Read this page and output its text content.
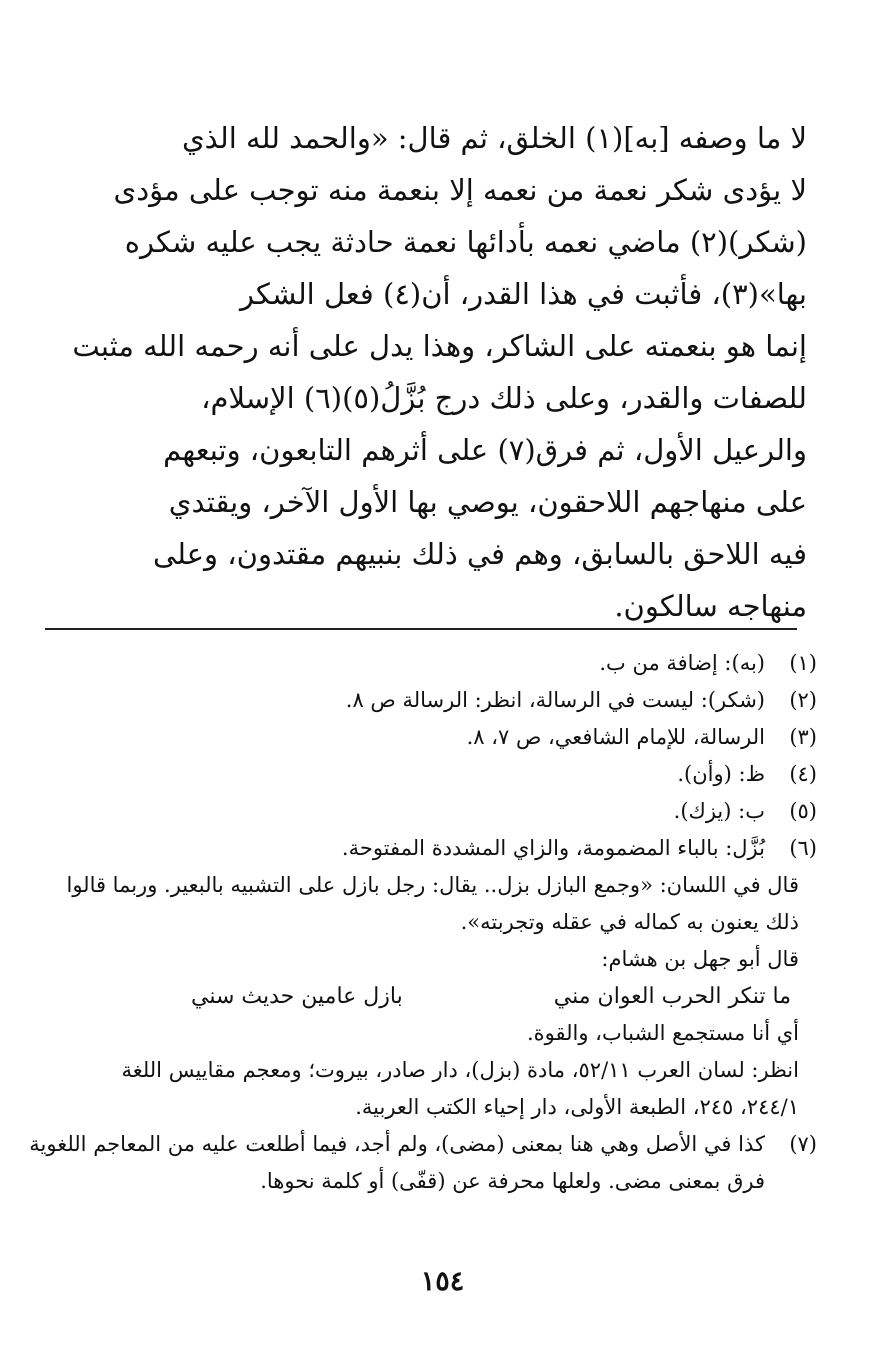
لا ما وصفه [به](١) الخلق، ثم قال: «والحمد لله الذي
لا يؤدى شكر نعمة من نعمه إلا بنعمة منه توجب على مؤدى
(شكر)(٢) ماضي نعمه بأدائها نعمة حادثة يجب عليه شكره
بها»(٣)، فأثبت في هذا القدر، أن(٤) فعل الشكر
إنما هو بنعمته على الشاكر، وهذا يدل على أنه رحمه الله مثبت
للصفات والقدر، وعلى ذلك درج بُزَّلُ(٥)(٦) الإسلام،
والرعيل الأول، ثم فرق(٧) على أثرهم التابعون، وتبعهم
على منهاجهم اللاحقون، يوصي بها الأول الآخر، ويقتدي
فيه اللاحق بالسابق، وهم في ذلك بنبيهم مقتدون، وعلى
منهاجه سالكون.

(١)
(به): إضافة من ب.
(٢)
(شكر): ليست في الرسالة، انظر: الرسالة ص ٨.
(٣)
الرسالة، للإمام الشافعي، ص ٧، ٨.
(٤)
ظ: (وأن).
(٥)
ب: (يزك).
(٦)
بُزَّل: بالباء المضمومة، والزاي المشددة المفتوحة.
قال في اللسان: «وجمع البازل بزل.. يقال: رجل بازل على التشبيه بالبعير. وربما قالوا
ذلك يعنون به كماله في عقله وتجربته».
قال أبو جهل بن هشام:
ما تنكر الحرب العوان مني
بازل عامين حديث سني
أي أنا مستجمع الشباب، والقوة.
انظر: لسان العرب ٥٢/١١، مادة (بزل)، دار صادر، بيروت؛ ومعجم مقاييس اللغة
٢٤٤/١، ٢٤٥، الطبعة الأولى، دار إحياء الكتب العربية.
(٧)
كذا في الأصل وهي هنا بمعنى (مضى)، ولم أجد، فيما أطلعت عليه من المعاجم اللغوية
فرق بمعنى مضى. ولعلها محرفة عن (قفّى) أو كلمة نحوها.
١٥٤
